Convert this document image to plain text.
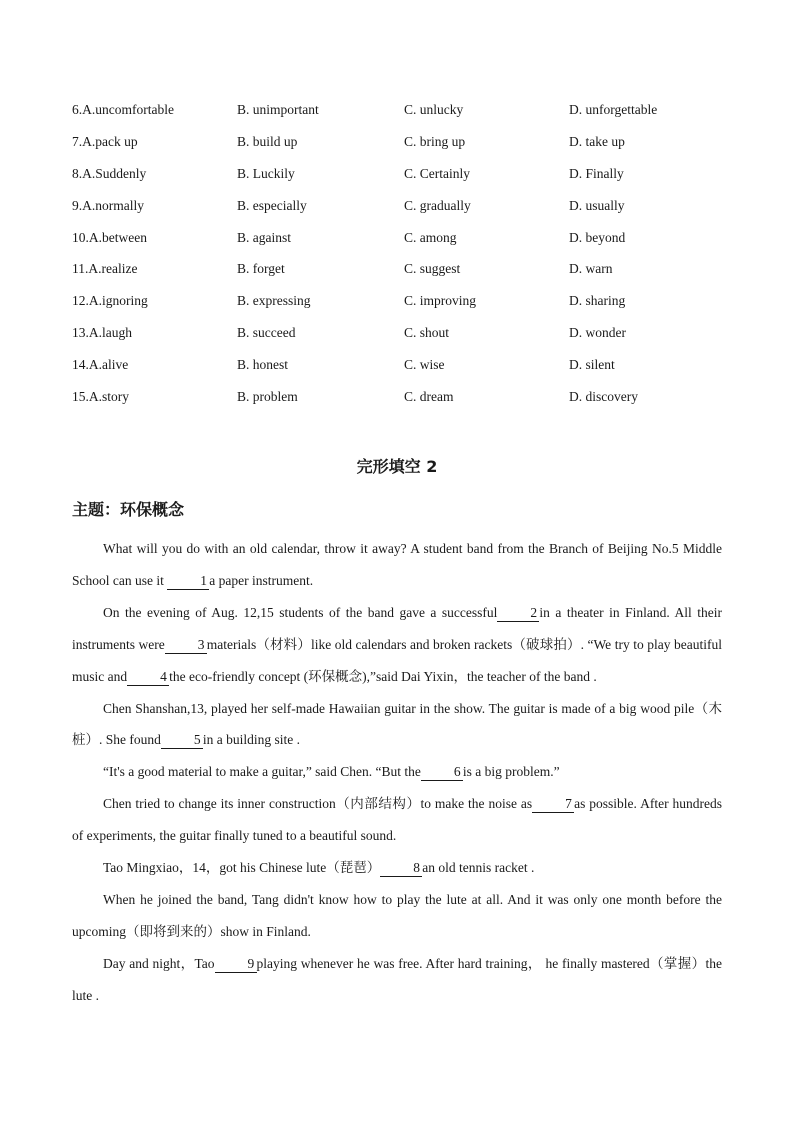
6.A.uncomfortable	B. unimportant	C. unlucky	D. unforgettable
7.A.pack up	B. build up	C. bring up	D. take up
8.A.Suddenly	B. Luckily	C. Certainly	D. Finally
9.A.normally	B. especially	C. gradually	D. usually
10.A.between	B. against	C. among	D. beyond
11.A.realize	B. forget	C. suggest	D. warn
12.A.ignoring	B. expressing	C. improving	D. sharing
13.A.laugh	B. succeed	C. shout	D. wonder
14.A.alive	B. honest	C. wise	D. silent
15.A.story	B. problem	C. dream	D. discovery
完形填空 2
主题：环保概念

What will you do with an old calendar, throw it away? A student band from the Branch of Beijing No.5 Middle School can use it 1 a paper instrument.

On the evening of Aug. 12,15 students of the band gave a successful 2 in a theater in Finland. All their instruments were 3 materials（材料）like old calendars and broken rackets（破球拍）. “We try to play beautiful music and 4 the eco-friendly concept (环保概念),”said Dai Yixin，the teacher of the band .

Chen Shanshan,13, played her self-made Hawaiian guitar in the show. The guitar is made of a big wood pile（木桩）. She found 5 in a building site .

“It's a good material to make a guitar,” said Chen. “But the 6 is a big problem.”

Chen tried to change its inner construction（内部结构）to make the noise as 7 as possible. After hundreds of experiments, the guitar finally tuned to a beautiful sound.

Tao Mingxiao，14，got his Chinese lute（琵琶） 8 an old tennis racket .

When he joined the band, Tang didn't know how to play the lute at all. And it was only one month before the upcoming（即将到来的）show in Finland.

Day and night，Tao 9 playing whenever he was free. After hard training， he finally mastered（掌握）the lute .
